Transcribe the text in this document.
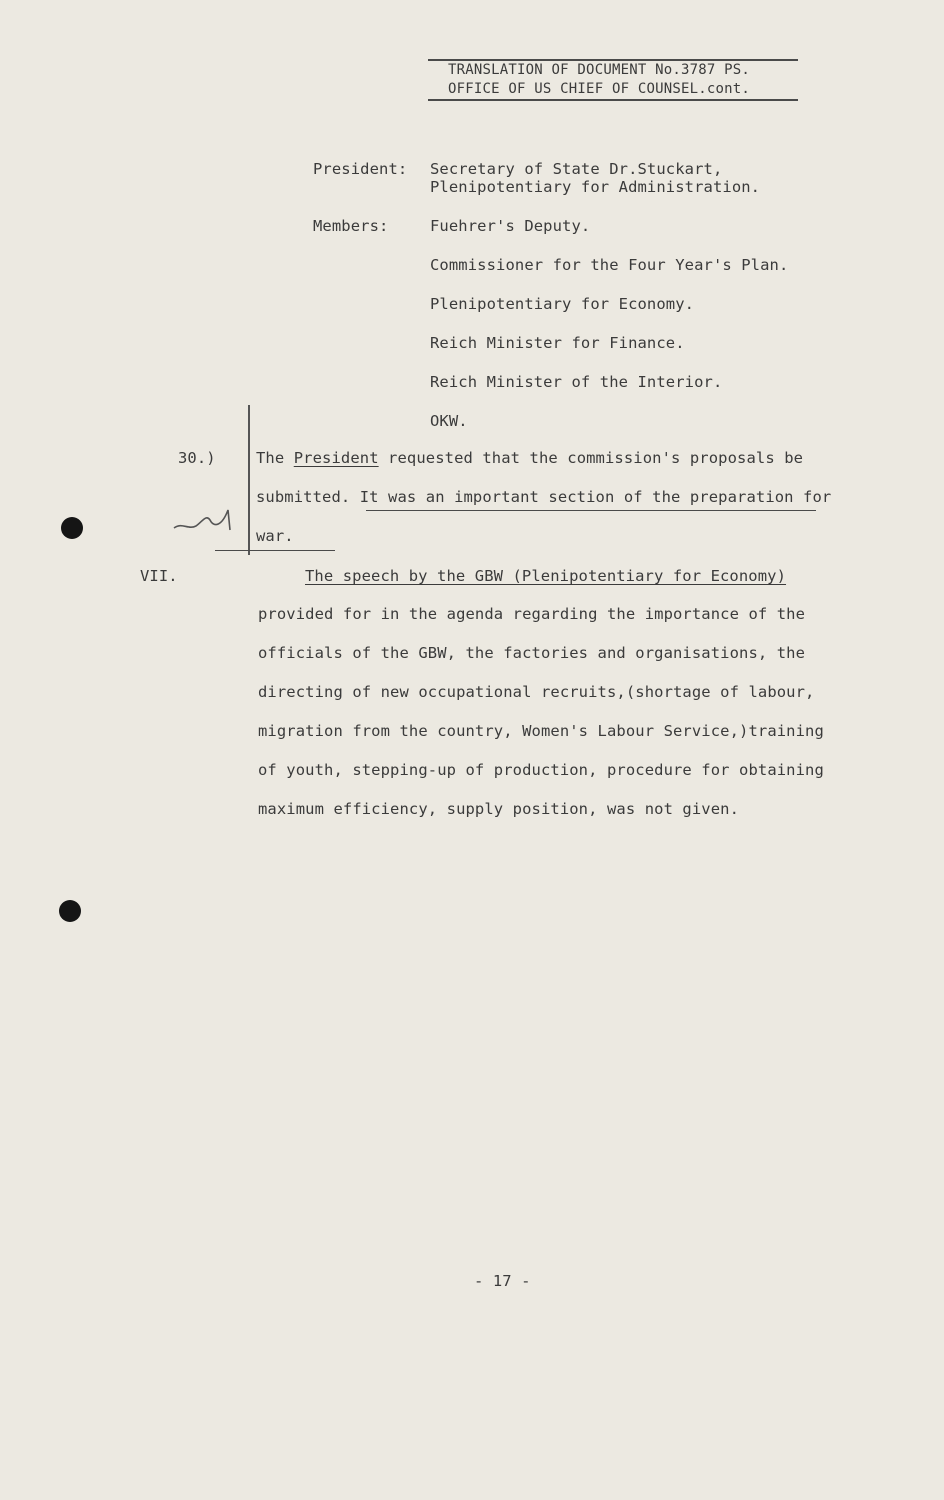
TRANSLATION OF DOCUMENT No.3787 PS.
OFFICE OF US CHIEF OF COUNSEL.cont.
President: Secretary of State Dr.Stuckart,
Plenipotentiary for Administration.
Members:	Fuehrer's Deputy.
Commissioner for the Four Year's Plan.
Plenipotentiary for Economy.
Reich Minister for Finance.
Reich Minister of the Interior.
OKW.
30.)	The President requested that the commission's proposals be
submitted. It was an important section of the preparation for
war.
VII.	The speech by the GBW (Plenipotentiary for Economy)
provided for in the agenda regarding the importance of the
officials of the GBW, the factories and organisations, the
directing of new occupational recruits,(shortage of labour,
migration from the country, Women's Labour Service,)training
of youth, stepping-up of production, procedure for obtaining
maximum efficiency, supply position, was not given.
- 17 -
